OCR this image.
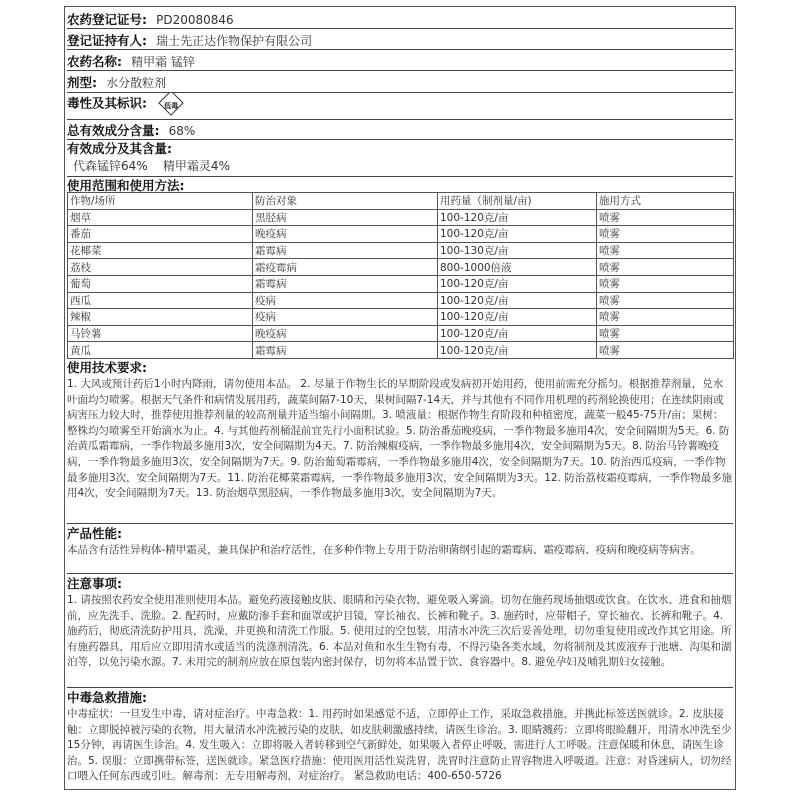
农药登记证号: PD20080846
登记证持有人: 瑞士先正达作物保护有限公司
农药名称: 精甲霜 锰锌
剂型: 水分散粒剂
毒性及其标识:	低毒
总有效成分含量: 68%
有效成分及其含量:
代森锰锌64%    精甲霜灵4%
使用范围和使用方法:
作物/场所	防治对象	用药量（制剂量/亩)	施用方式
烟草	黑胫病	100-120克/亩	喷雾
番茄	晚疫病	100-120克/亩	喷雾
花椰菜	霜霉病	100-130克/亩	喷雾
荔枝	霜疫霉病	800-1000倍液	喷雾
葡萄	霜霉病	100-120克/亩	喷雾
西瓜	疫病	100-120克/亩	喷雾
辣椒	疫病	100-120克/亩	喷雾
马铃薯	晚疫病	100-120克/亩	喷雾
黄瓜	霜霉病	100-120克/亩	喷雾
使用技术要求:
1. 大风或预计药后1小时内降雨，请勿使用本品。 2. 尽量于作物生长的早期阶段或发病初开始用药，使用前需充分摇匀。根据推荐剂量，兑水叶面均匀喷雾。根据天气条件和病情发展用药，蔬菜间隔7-10天，果树间隔7-14天，并与其他有不同作用机理的药剂轮换使用；在连续阴雨或病害压力较大时，推荐使用推荐剂量的较高剂量并适当缩小间隔期。3. 喷液量：根据作物生育阶段和种植密度，蔬菜一般45-75升/亩；果树：整株均匀喷雾至开始滴水为止。4. 与其他药剂桶混前宜先行小面积试验。5. 防治番茄晚疫病，一季作物最多施用4次，安全间隔期为5天。6. 防治黄瓜霜霉病，一季作物最多施用3次，安全间隔期为4天。7. 防治辣椒疫病，一季作物最多施用4次，安全间隔期为5天。8. 防治马铃薯晚疫病，一季作物最多施用3次，安全间隔期为7天。9. 防治葡萄霜霉病，一季作物最多施用4次，安全间隔期为7天。10. 防治西瓜疫病，一季作物最多施用3次，安全间隔期为7天。11. 防治花椰菜霜霉病，一季作物最多施用3次，安全间隔期为3天。12. 防治荔枝霜疫霉病，一季作物最多施用4次，安全间隔期为7天。13. 防治烟草黑胫病，一季作物最多施用3次，安全间隔期为7天。
产品性能:
本品含有活性异构体-精甲霜灵，兼具保护和治疗活性，在多种作物上专用于防治卵菌纲引起的霜霉病、霜疫霉病、疫病和晚疫病等病害。
注意事项:
1. 请按照农药安全使用准则使用本品。避免药液接触皮肤、眼睛和污染衣物，避免吸入雾滴。切勿在施药现场抽烟或饮食。在饮水、进食和抽烟前，应先洗手、洗脸。2. 配药时，应戴防渗手套和面罩或护目镜，穿长袖衣、长裤和靴子。3. 施药时，应带帽子，穿长袖衣、长裤和靴子。4. 施药后，彻底清洗防护用具，洗澡，并更换和清洗工作服。5. 使用过的空包装，用清水冲洗三次后妥善处理，切勿重复使用或改作其它用途。所有施药器具，用后应立即用清水或适当的洗涤剂清洗。6. 本品对鱼和水生生物有毒，不得污染各类水域，勿将制剂及其废液弃于池塘、沟渠和湖泊等，以免污染水源。7. 未用完的制剂应放在原包装内密封保存，切勿将本品置于饮、食容器中。8. 避免孕妇及哺乳期妇女接触。
中毒急救措施:
中毒症状：一旦发生中毒，请对症治疗。中毒急救：1. 用药时如果感觉不适，立即停止工作，采取急救措施，并携此标签送医就诊。2. 皮肤接触：立即脱掉被污染的衣物，用大量清水冲洗被污染的皮肤，如皮肤刺激感持续，请医生诊治。3. 眼睛溅药：立即将眼睑翻开，用清水冲洗至少15分钟，再请医生诊治。4. 发生吸入：立即将吸入者转移到空气新鲜处，如果吸入者停止呼吸，需进行人工呼吸。注意保暖和休息，请医生诊治。5. 误服：立即携带标签，送医就诊。紧急医疗措施：使用医用活性炭洗胃，洗胃时注意防止胃容物进入呼吸道。注意：对昏迷病人，切勿经口喂入任何东西或引吐。解毒剂：无专用解毒剂，对症治疗。 紧急救助电话：400-650-5726
